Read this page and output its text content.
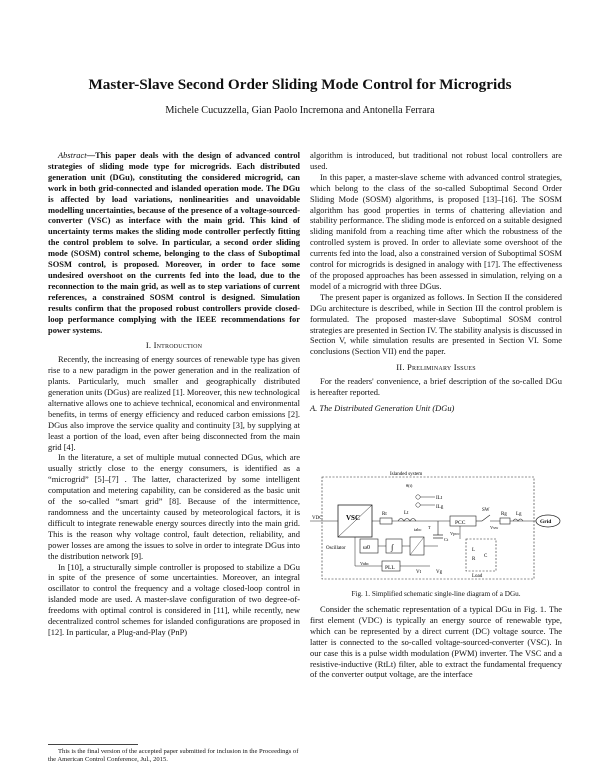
Master-Slave Second Order Sliding Mode Control for Microgrids
Michele Cucuzzella, Gian Paolo Incremona and Antonella Ferrara

Abstract—This paper deals with the design of advanced control strategies of sliding mode type for microgrids. Each distributed generation unit (DGu), constituting the considered microgrid, can work in both grid-connected and islanded operation mode. The DGu is affected by load variations, nonlinearities and unavoidable modelling uncertainties, because of the presence of a voltage-sourced-converter (VSC) as interface with the main grid. This kind of uncertainty terms makes the sliding mode controller perfectly fitting the control problem to solve. In particular, a second order sliding mode (SOSM) control scheme, belonging to the class of Suboptimal SOSM control, is proposed. Moreover, in order to face some undesired overshoot on the currents fed into the load, due to the reconnection to the main grid, as well as to step variations of current references, a constrained SOSM control is designed. Simulation results confirm that the proposed robust controllers provide closed-loop performance complying with the IEEE recommendations for power systems.

I. Introduction

Recently, the increasing of energy sources of renewable type has given rise to a new paradigm in the power generation and in the realization of plants. Particularly, much smaller and geographically distributed generation units (DGus) are realized [1]. Moreover, this new technological alternative allows one to achieve technical, economical and environmental benefits, in terms of energy efficiency and reduced carbon emissions [2]. DGus also improve the service quality and continuity [3], by supplying at least a portion of the load, even after being disconnected from the main grid [4].

In the literature, a set of multiple mutual connected DGus, which are usually strictly close to the energy consumers, is identified as a “microgrid” [5]–[7] . The latter, characterized by some intelligent computation and metering capability, can be considered as the basic unit of the so-called “smart grid” [8]. Because of the intermittence, randomness and the uncertainty caused by meteorological factors, it is difficult to integrate renewable energy sources directly into the main grid. This is the reason why voltage control, fault detection, reliability, and power losses are among the issues to solve in order to integrate DGus into the distribution network [9].

In [10], a structurally simple controller is proposed to stabilize a DGu in spite of the presence of some uncertainties. Moreover, an integral oscillator to control the frequency and a voltage closed-loop control in islanded mode are used. A master-slave configuration of two degree-of-freedoms with optimal control is considered in [11], while recently, new decentralized control schemes for islanded configurations are proposed in [12]. In particular, a Plug-and-Play (PnP)

This is the final version of the accepted paper submitted for inclusion in the Proceedings of the American Control Conference, Jul., 2015.

algorithm is introduced, but traditional not robust local controllers are used.

In this paper, a master-slave scheme with advanced control strategies, which belong to the class of the so-called Suboptimal Second Order Sliding Mode (SOSM) algorithms, is proposed [13]–[16]. The SOSM algorithm has good properties in terms of chattering alleviation and stability performance. The sliding mode is enforced on a suitable designed sliding manifold from a reaching time after which the robustness of the controlled system is proved. In order to alleviate some overshoot of the currents fed into the load, also a constrained version of Suboptimal SOSM control for microgrids is designed in analogy with [17]. The effectiveness of the proposed approaches has been assessed in simulation, relying on a model of a microgrid with three DGus.

The present paper is organized as follows. In Section II the considered DGu architecture is described, while in Section III the control problem is formulated. The proposed master-slave Suboptimal SOSM control strategies are presented in Section IV. The stability analysis is discussed in Section V, while simulation results are presented in Section VI. Some conclusions (Section VII) end the paper.

II. Preliminary Issues

For the readers' convenience, a brief description of the so-called DGu is hereafter reported.

A. The Distributed Generation Unit (DGu)
Islanded system
VDC	VSC	Rt	Lt
ILt
ILg
θ(t)
T
PCC
Vpcc
SW
Vsw
Rg Lg
Grid
Ct
L
R
C
Load
Oscillator	ω0	∫
PLL
Vabc
iabc
Vt	Vg
Fig. 1. Simplified schematic single-line diagram of a DGu.

Consider the schematic representation of a typical DGu in Fig. 1. The first element (VDC) is typically an energy source of renewable type, which can be represented by a direct current (DC) voltage source. The latter is connected to the so-called voltage-sourced-converter (VSC). In our case this is a pulse width modulation (PWM) inverter. The VSC and a resistive-inductive (RtLt) filter, able to extract the fundamental frequency of the converter output voltage, are the interface
